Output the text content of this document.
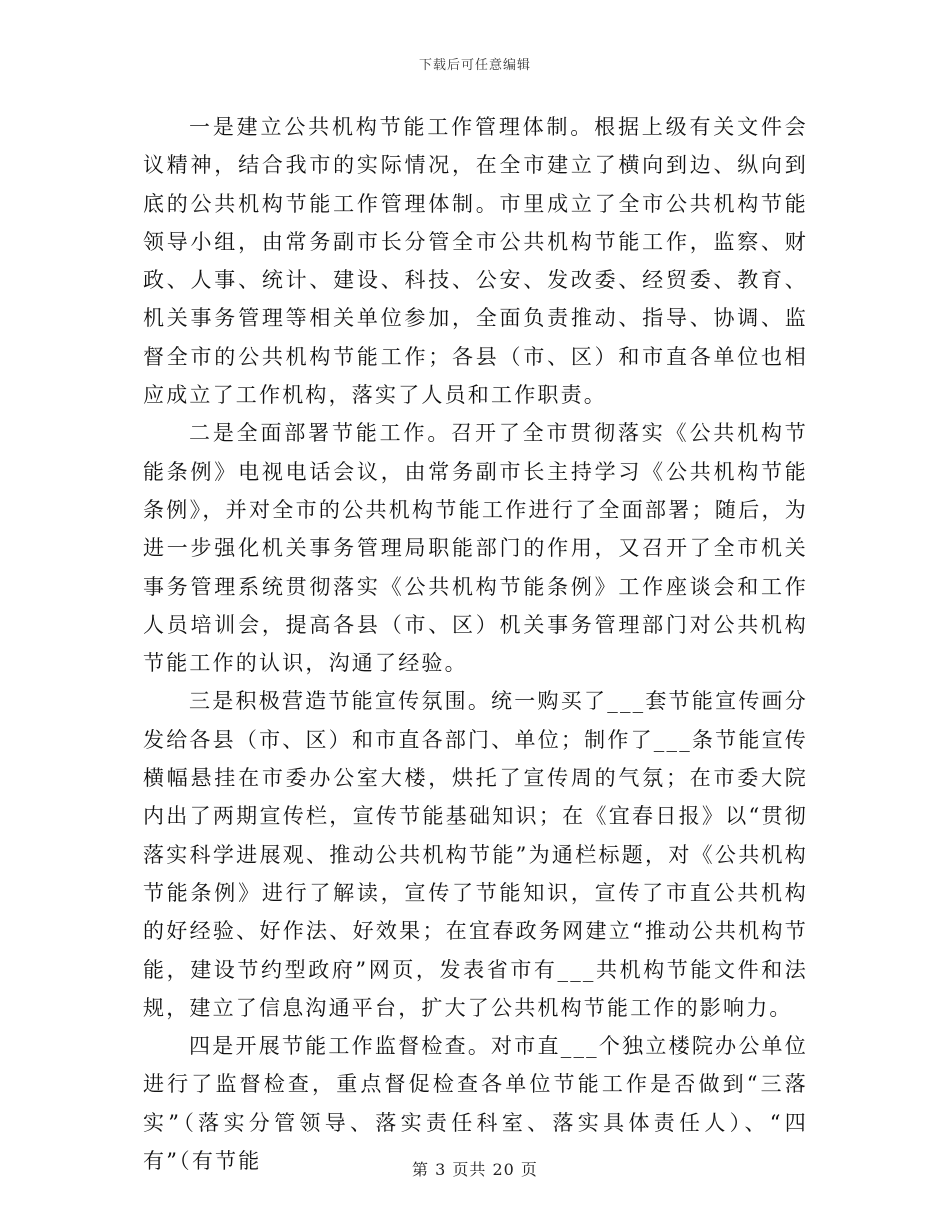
下载后可任意编辑

一是建立公共机构节能工作管理体制。根据上级有关文件会议精神，结合我市的实际情况，在全市建立了横向到边、纵向到底的公共机构节能工作管理体制。市里成立了全市公共机构节能领导小组，由常务副市长分管全市公共机构节能工作，监察、财政、人事、统计、建设、科技、公安、发改委、经贸委、教育、机关事务管理等相关单位参加，全面负责推动、指导、协调、监督全市的公共机构节能工作；各县（市、区）和市直各单位也相应成立了工作机构，落实了人员和工作职责。

二是全面部署节能工作。召开了全市贯彻落实《公共机构节能条例》电视电话会议，由常务副市长主持学习《公共机构节能条例》，并对全市的公共机构节能工作进行了全面部署；随后，为进一步强化机关事务管理局职能部门的作用，又召开了全市机关事务管理系统贯彻落实《公共机构节能条例》工作座谈会和工作人员培训会，提高各县（市、区）机关事务管理部门对公共机构节能工作的认识，沟通了经验。

三是积极营造节能宣传氛围。统一购买了___套节能宣传画分发给各县（市、区）和市直各部门、单位；制作了___条节能宣传横幅悬挂在市委办公室大楼，烘托了宣传周的气氛；在市委大院内出了两期宣传栏，宣传节能基础知识；在《宜春日报》以“贯彻落实科学进展观、推动公共机构节能”为通栏标题，对《公共机构节能条例》进行了解读，宣传了节能知识，宣传了市直公共机构的好经验、好作法、好效果；在宜春政务网建立“推动公共机构节能，建设节约型政府”网页，发表省市有___共机构节能文件和法规，建立了信息沟通平台，扩大了公共机构节能工作的影响力。

四是开展节能工作监督检查。对市直___个独立楼院办公单位进行了监督检查，重点督促检查各单位节能工作是否做到“三落实”（落实分管领导、落实责任科室、落实具体责任人）、“四有”（有节能	第 3 页共 20 页
